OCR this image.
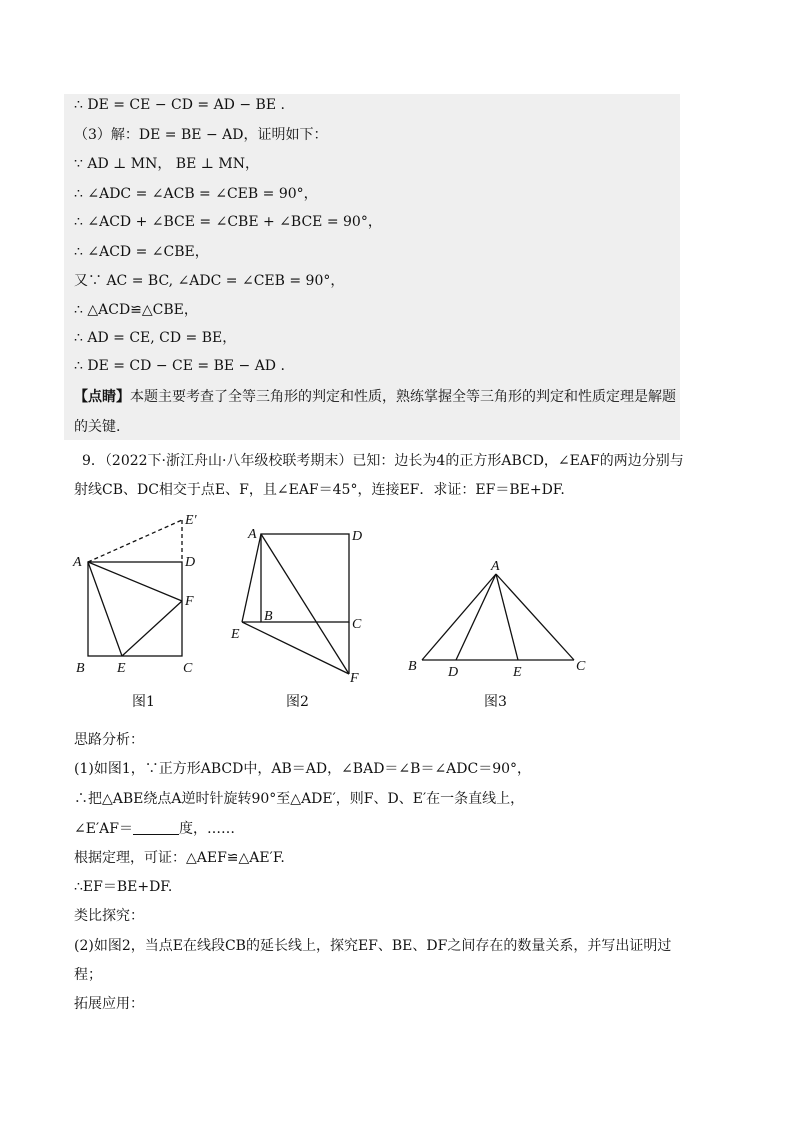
∴ DE = CE − CD = AD − BE .
（3）解：DE = BE − AD，证明如下：
∵ AD ⊥ MN， BE ⊥ MN，
∴ ∠ADC = ∠ACB = ∠CEB = 90°，
∴ ∠ACD + ∠BCE = ∠CBE + ∠BCE = 90°，
∴ ∠ACD = ∠CBE，
又∵ AC = BC, ∠ADC = ∠CEB = 90°，
∴ △ACD≌△CBE，
∴ AD = CE, CD = BE，
∴ DE = CD − CE = BE − AD .
【点睛】本题主要考查了全等三角形的判定和性质，熟练掌握全等三角形的判定和性质定理是解题
的关键.
9．（2022下·浙江舟山·八年级校联考期末）已知：边长为4的正方形ABCD，∠EAF的两边分别与
射线CB、DC相交于点E、F，且∠EAF＝45°，连接EF．求证：EF＝BE+DF.
A	D
E′
F
B E	C
图1
A	D
B
C
E
F
图2
A
B D	E	C
图3
思路分析：
(1)如图1，∵正方形ABCD中，AB＝AD，∠BAD＝∠B＝∠ADC＝90°，
∴把△ABE绕点A逆时针旋转90°至△ADE′，则F、D、E′在一条直线上，
∠E′AF＝	度，……
根据定理，可证：△AEF≌△AE′F.
∴EF＝BE+DF.
类比探究：
(2)如图2，当点E在线段CB的延长线上，探究EF、BE、DF之间存在的数量关系，并写出证明过
程；
拓展应用：
